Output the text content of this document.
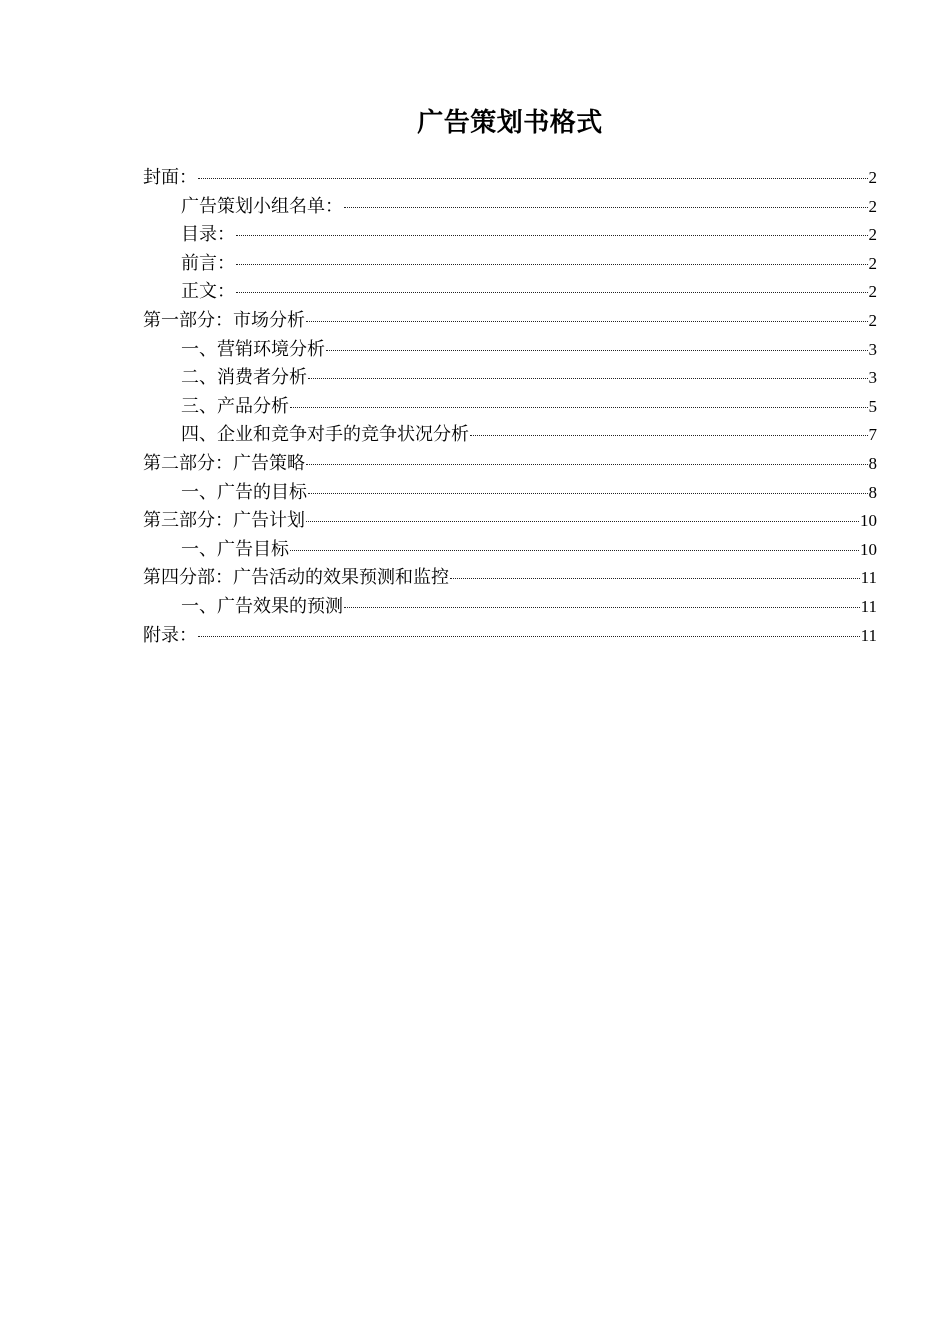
广告策划书格式
封面：	2
广告策划小组名单：	2
目录：	2
前言：	2
正文：	2
第一部分：市场分析	2
一、营销环境分析	3
二、消费者分析	3
三、产品分析	5
四、企业和竞争对手的竞争状况分析	7
第二部分：广告策略	8
一、广告的目标	8
第三部分：广告计划	10
一、广告目标	10
第四分部：广告活动的效果预测和监控	11
一、广告效果的预测	11
附录：	11
